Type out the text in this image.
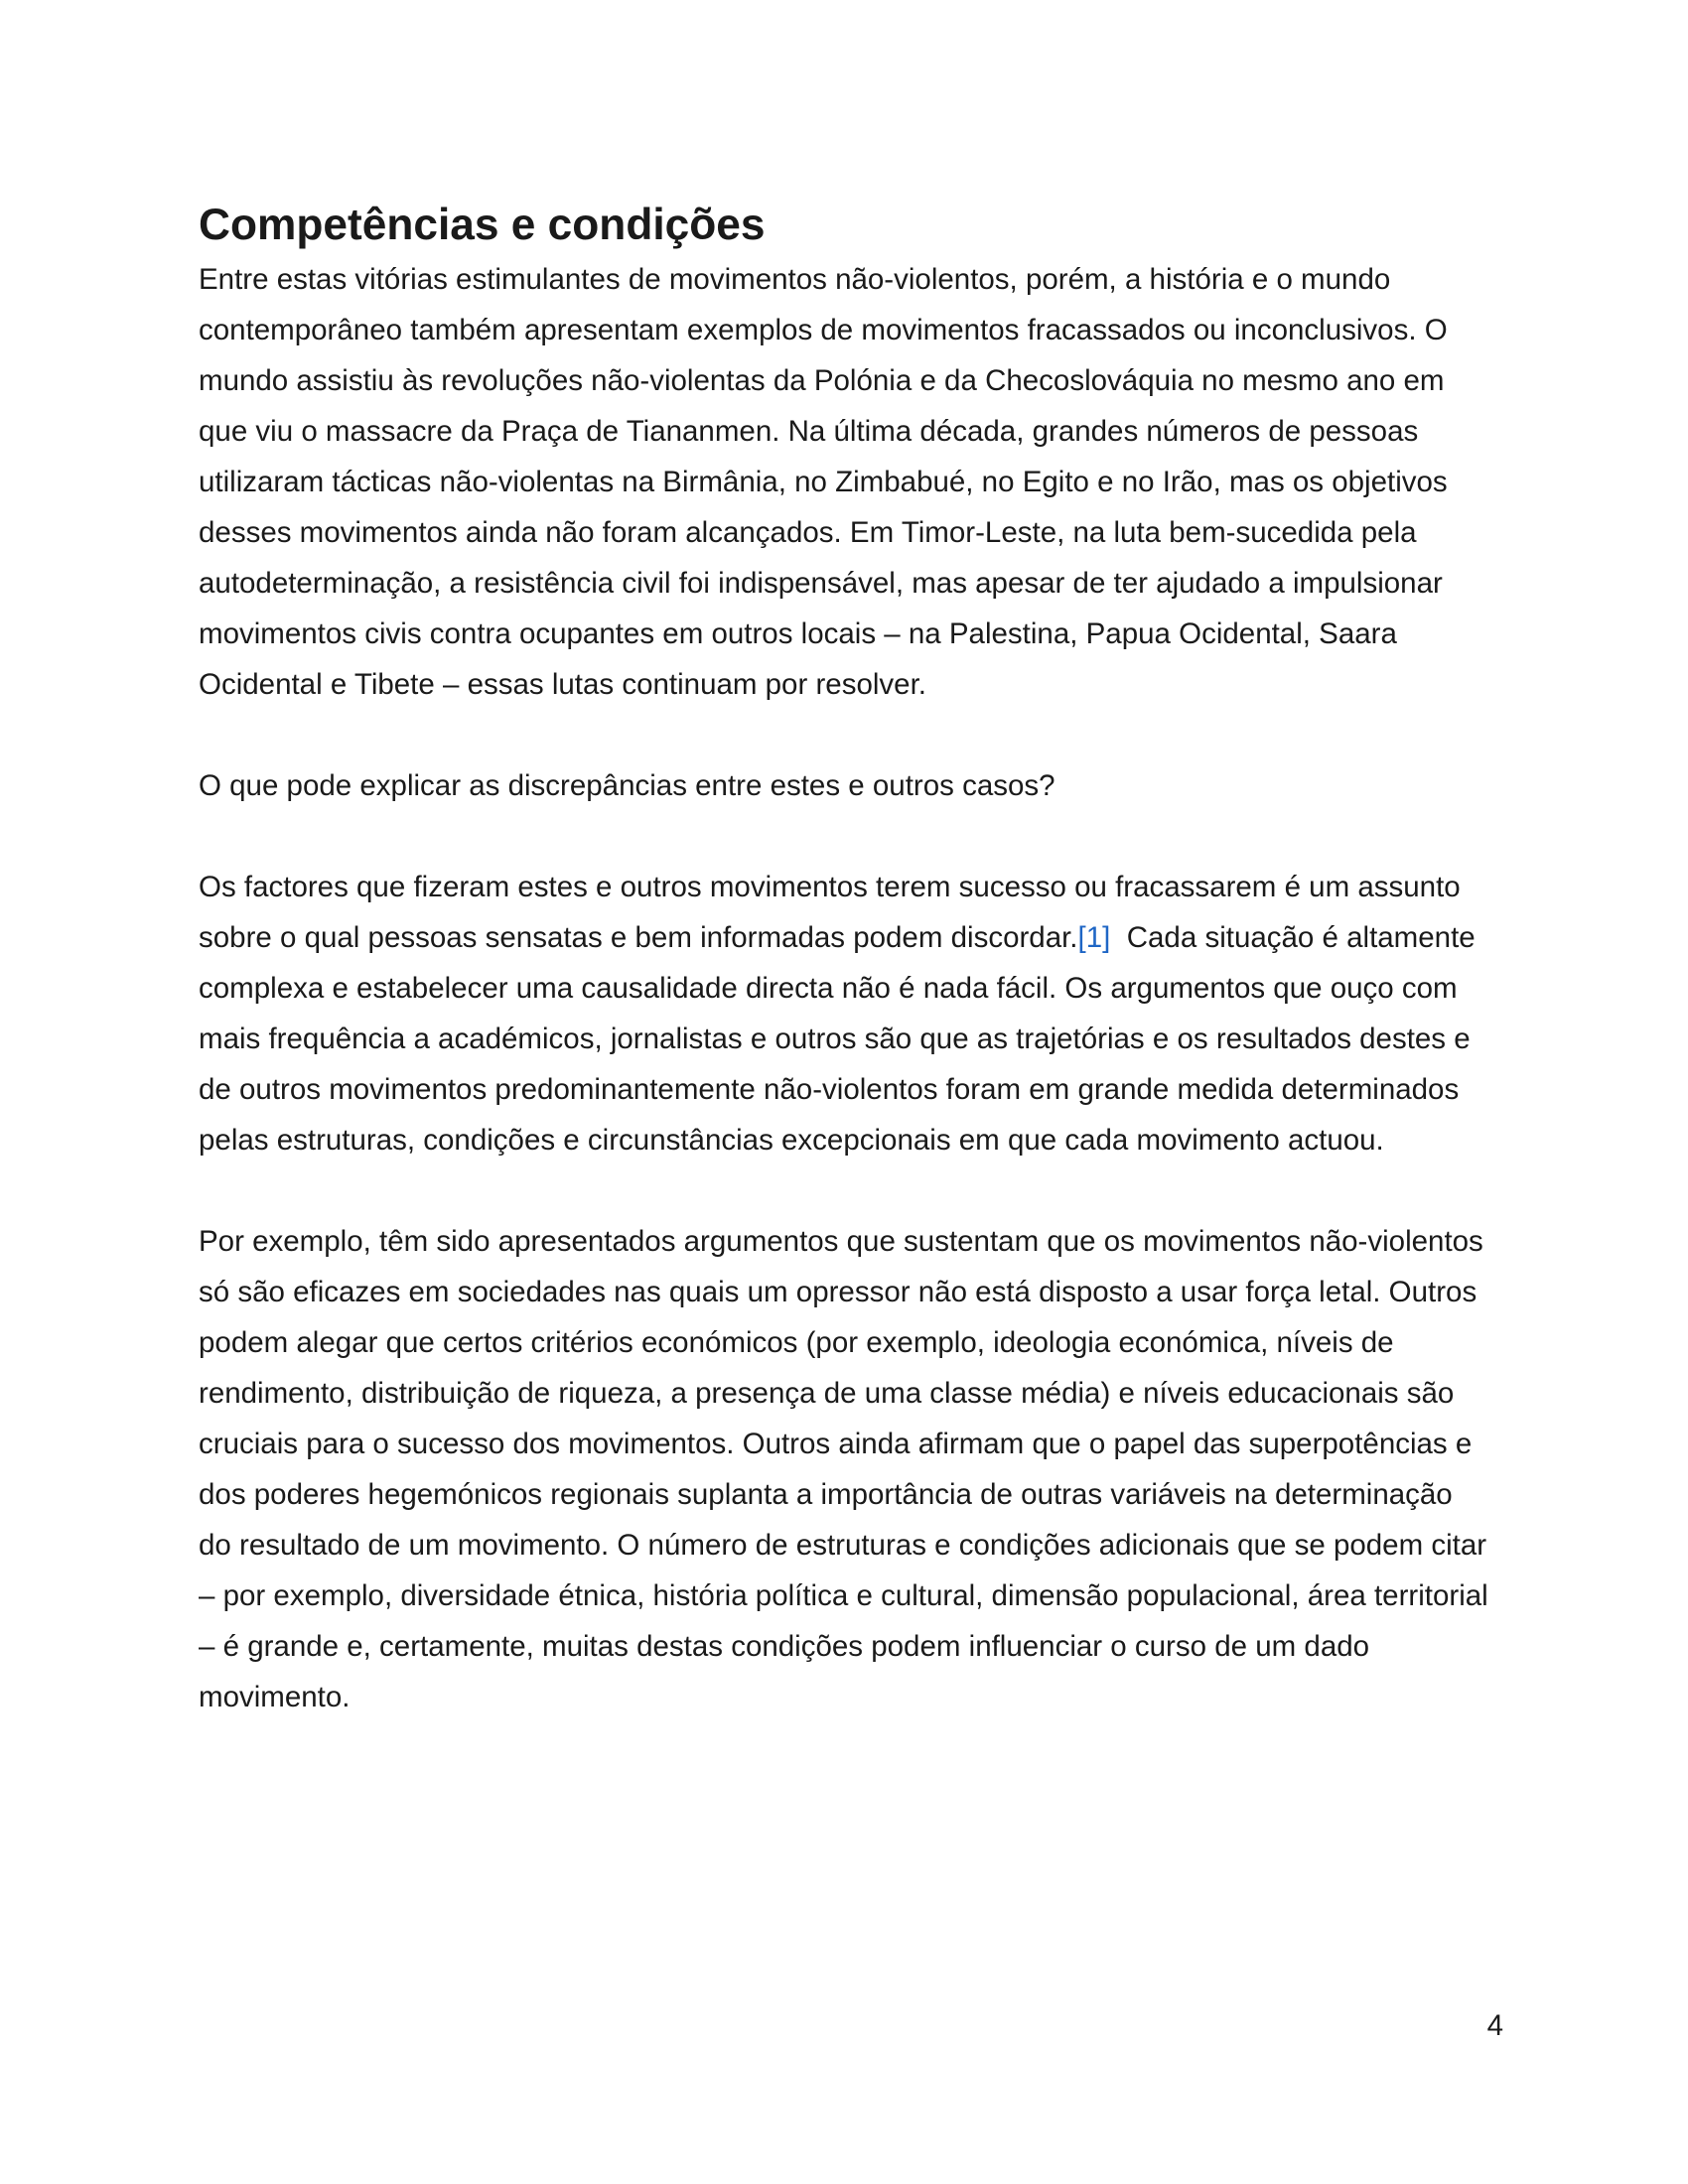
Competências e condições

Entre estas vitórias estimulantes de movimentos não-violentos, porém, a história e o mundo contemporâneo também apresentam exemplos de movimentos fracassados ou inconclusivos. O mundo assistiu às revoluções não-violentas da Polónia e da Checoslováquia no mesmo ano em que viu o massacre da Praça de Tiananmen. Na última década, grandes números de pessoas utilizaram tácticas não-violentas na Birmânia, no Zimbabué, no Egito e no Irão, mas os objetivos desses movimentos ainda não foram alcançados. Em Timor-Leste, na luta bem-sucedida pela autodeterminação, a resistência civil foi indispensável, mas apesar de ter ajudado a impulsionar movimentos civis contra ocupantes em outros locais – na Palestina, Papua Ocidental, Saara Ocidental e Tibete – essas lutas continuam por resolver.

O que pode explicar as discrepâncias entre estes e outros casos?

Os factores que fizeram estes e outros movimentos terem sucesso ou fracassarem é um assunto sobre o qual pessoas sensatas e bem informadas podem discordar.[1]  Cada situação é altamente complexa e estabelecer uma causalidade directa não é nada fácil. Os argumentos que ouço com mais frequência a académicos, jornalistas e outros são que as trajetórias e os resultados destes e de outros movimentos predominantemente não-violentos foram em grande medida determinados pelas estruturas, condições e circunstâncias excepcionais em que cada movimento actuou.

Por exemplo, têm sido apresentados argumentos que sustentam que os movimentos não-violentos só são eficazes em sociedades nas quais um opressor não está disposto a usar força letal. Outros podem alegar que certos critérios económicos (por exemplo, ideologia económica, níveis de rendimento, distribuição de riqueza, a presença de uma classe média) e níveis educacionais são cruciais para o sucesso dos movimentos. Outros ainda afirmam que o papel das superpotências e dos poderes hegemónicos regionais suplanta a importância de outras variáveis na determinação do resultado de um movimento. O número de estruturas e condições adicionais que se podem citar – por exemplo, diversidade étnica, história política e cultural, dimensão populacional, área territorial – é grande e, certamente, muitas destas condições podem influenciar o curso de um dado movimento.

4
